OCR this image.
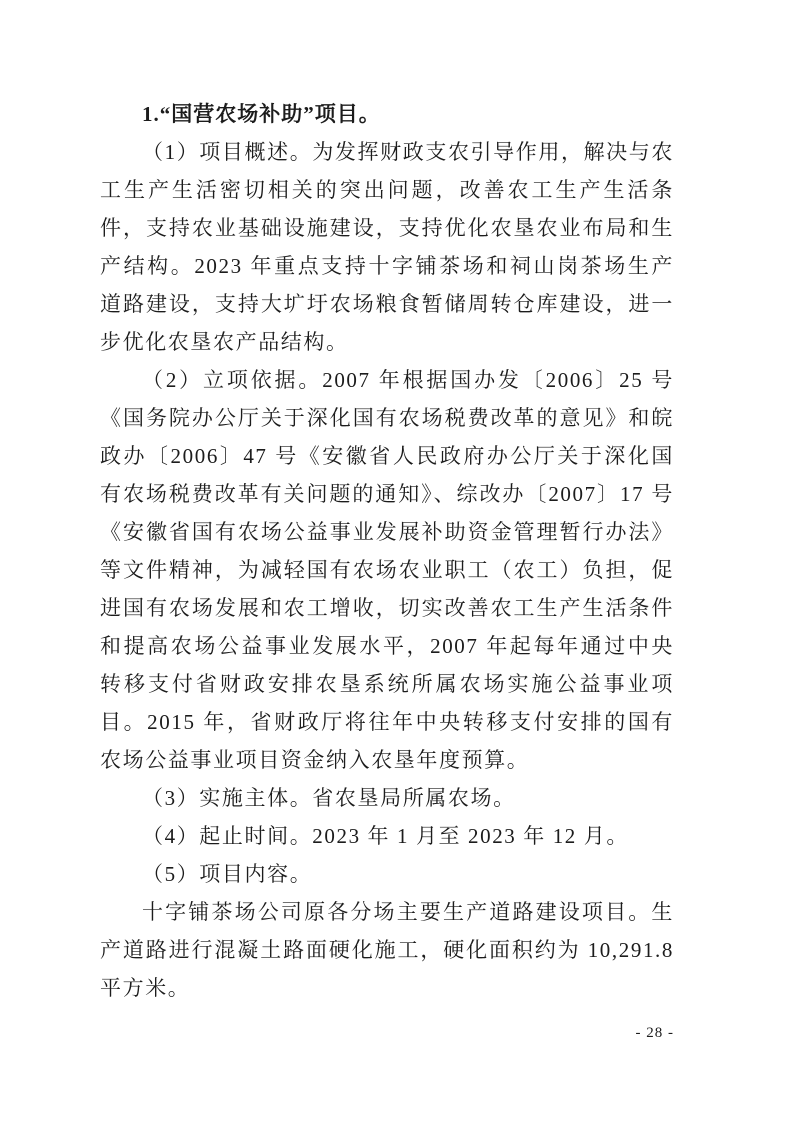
1.“国营农场补助”项目。

（1）项目概述。为发挥财政支农引导作用，解决与农工生产生活密切相关的突出问题，改善农工生产生活条件，支持农业基础设施建设，支持优化农垦农业布局和生产结构。2023 年重点支持十字铺茶场和祠山岗茶场生产道路建设，支持大圹圩农场粮食暂储周转仓库建设，进一步优化农垦农产品结构。

（2）立项依据。2007 年根据国办发〔2006〕25 号《国务院办公厅关于深化国有农场税费改革的意见》和皖政办〔2006〕47 号《安徽省人民政府办公厅关于深化国有农场税费改革有关问题的通知》、综改办〔2007〕17 号《安徽省国有农场公益事业发展补助资金管理暂行办法》等文件精神，为减轻国有农场农业职工（农工）负担，促进国有农场发展和农工增收，切实改善农工生产生活条件和提高农场公益事业发展水平，2007 年起每年通过中央转移支付省财政安排农垦系统所属农场实施公益事业项目。2015 年，省财政厅将往年中央转移支付安排的国有农场公益事业项目资金纳入农垦年度预算。

（3）实施主体。省农垦局所属农场。

（4）起止时间。2023 年 1 月至 2023 年 12 月。

（5）项目内容。

十字铺茶场公司原各分场主要生产道路建设项目。生产道路进行混凝土路面硬化施工，硬化面积约为 10,291.8 平方米。

- 28 -
